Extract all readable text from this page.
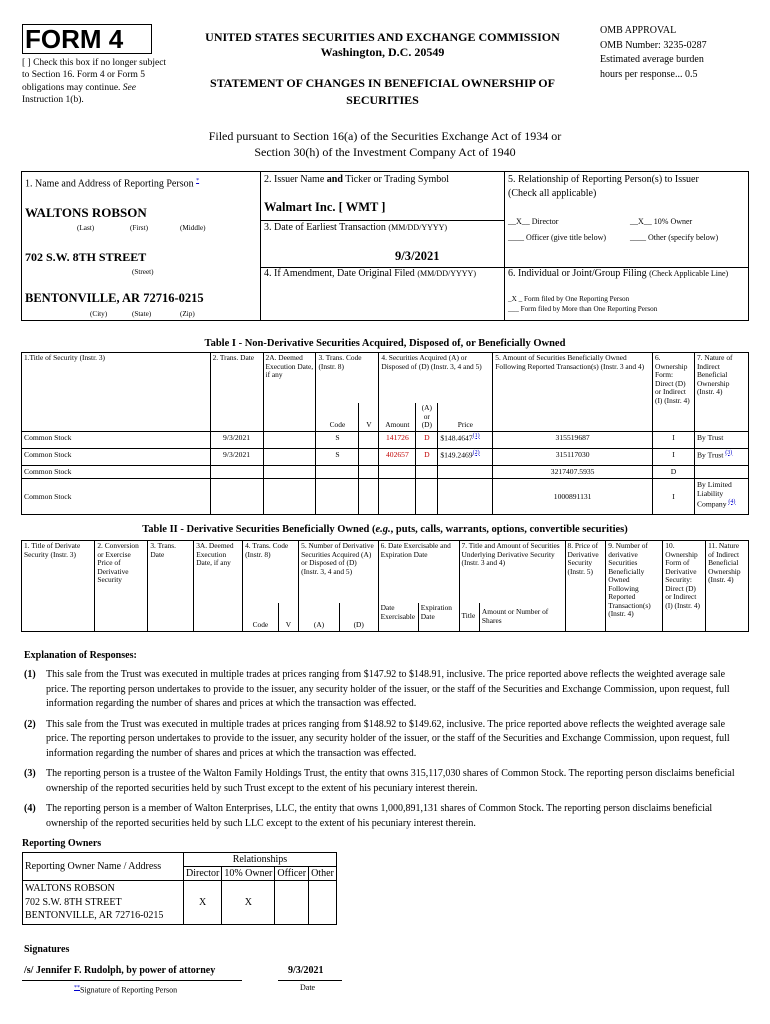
FORM 4
[ ] Check this box if no longer subject to Section 16. Form 4 or Form 5 obligations may continue. See Instruction 1(b).
UNITED STATES SECURITIES AND EXCHANGE COMMISSION
Washington, D.C. 20549
STATEMENT OF CHANGES IN BENEFICIAL OWNERSHIP OF SECURITIES
OMB APPROVAL
OMB Number: 3235-0287
Estimated average burden
hours per response... 0.5
Filed pursuant to Section 16(a) of the Securities Exchange Act of 1934 or
Section 30(h) of the Investment Company Act of 1940
1. Name and Address of Reporting Person *
WALTONS ROBSON
(Last)	(First)	(Middle)
702 S.W. 8TH STREET
(Street)
BENTONVILLE, AR 72716-0215
(City)	(State)	(Zip)
2. Issuer Name and Ticker or Trading Symbol
Walmart Inc. [ WMT ]
3. Date of Earliest Transaction (MM/DD/YYYY)
9/3/2021
4. If Amendment, Date Original Filed (MM/DD/YYYY)
5. Relationship of Reporting Person(s) to Issuer
(Check all applicable)
__X__ Director	__X__ 10% Owner
____ Officer (give title below)	____ Other (specify below)
6. Individual or Joint/Group Filing (Check Applicable Line)
_X _ Form filed by One Reporting Person
___ Form filed by More than One Reporting Person
Table I - Non-Derivative Securities Acquired, Disposed of, or Beneficially Owned
1.Title of Security (Instr. 3)	2. Trans. Date	2A. Deemed Execution Date, if any	3. Trans. Code (Instr. 8)		4. Securities Acquired (A) or Disposed of (D) (Instr. 3, 4 and 5)			5. Amount of Securities Beneficially Owned Following Reported Transaction(s) (Instr. 3 and 4)	6. Ownership Form: Direct (D) or Indirect (I) (Instr. 4)	7. Nature of Indirect Beneficial Ownership (Instr. 4)
			Code	V	Amount	(A) or (D)	Price			
Common Stock	9/3/2021		S		141726	D	$148.4647$^{(1)}$	315519687	I	By Trust
Common Stock	9/3/2021		S		402657	D	$149.2469$^{(2)}$	315117030	I	By Trust $^{(3)}$
Common Stock								3217407.5935	D	
Common Stock								1000891131	I	By Limited Liability Company $^{(4)}$
Table II - Derivative Securities Beneficially Owned (e.g., puts, calls, warrants, options, convertible securities)
1. Title of Derivate Security (Instr. 3)	2. Conversion or Exercise Price of Derivative Security	3. Trans. Date	3A. Deemed Execution Date, if any	4. Trans. Code (Instr. 8)		5. Number of Derivative Securities Acquired (A) or Disposed of (D) (Instr. 3, 4 and 5)		6. Date Exercisable and Expiration Date		7. Title and Amount of Securities Underlying Derivative Security (Instr. 3 and 4)		8. Price of Derivative Security (Instr. 5)	9. Number of derivative Securities Beneficially Owned Following Reported Transaction(s) (Instr. 4)	10. Ownership Form of Derivative Security: Direct (D) or Indirect (I) (Instr. 4)	11. Nature of Indirect Beneficial Ownership (Instr. 4)
				Code	V	(A)	(D)	Date Exercisable	Expiration Date	Title	Amount or Number of Shares				
Explanation of Responses:
(1)	This sale from the Trust was executed in multiple trades at prices ranging from $147.92 to $148.91, inclusive. The price reported above reflects the weighted average sale price. The reporting person undertakes to provide to the issuer, any security holder of the issuer, or the staff of the Securities and Exchange Commission, upon request, full information regarding the number of shares and prices at which the transaction was effected.
(2)	This sale from the Trust was executed in multiple trades at prices ranging from $148.92 to $149.62, inclusive. The price reported above reflects the weighted average sale price. The reporting person undertakes to provide to the issuer, any security holder of the issuer, or the staff of the Securities and Exchange Commission, upon request, full information regarding the number of shares and prices at which the transaction was effected.
(3)	The reporting person is a trustee of the Walton Family Holdings Trust, the entity that owns 315,117,030 shares of Common Stock. The reporting person disclaims beneficial ownership of the reported securities held by such Trust except to the extent of his pecuniary interest therein.
(4)	The reporting person is a member of Walton Enterprises, LLC, the entity that owns 1,000,891,131 shares of Common Stock. The reporting person disclaims beneficial ownership of the reported securities held by such LLC except to the extent of his pecuniary interest therein.
Reporting Owners
Reporting Owner Name / Address	Relationships			
	Director	10% Owner	Officer	Other

WALTONS ROBSON
702 S.W. 8TH STREET
BENTONVILLE, AR 72716-0215	X	X		
Signatures
/s/ Jennifer F. Rudolph, by power of attorney	9/3/2021
**Signature of Reporting Person	Date
